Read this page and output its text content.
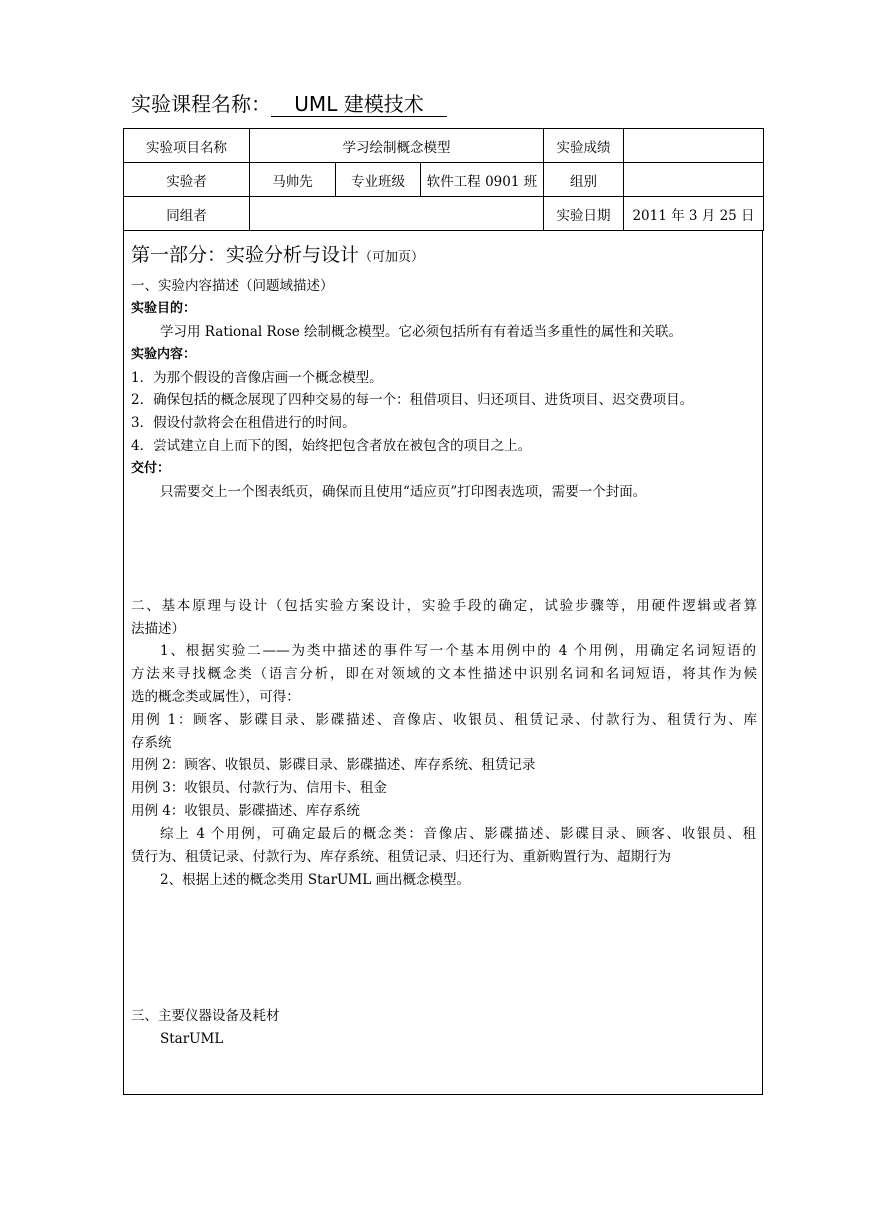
实验课程名称： UML 建模技术
实验项目名称	学习绘制概念模型			实验成绩	
实验者	马帅先	专业班级	软件工程 0901 班	组别	
同组者				实验日期	2011 年 3 月 25 日
第一部分：实验分析与设计（可加页）
一、实验内容描述（问题域描述）
实验目的：
学习用 Rational Rose 绘制概念模型。它必须包括所有有着适当多重性的属性和关联。
实验内容：
1．为那个假设的音像店画一个概念模型。
2．确保包括的概念展现了四种交易的每一个：租借项目、归还项目、进货项目、迟交费项目。
3．假设付款将会在租借进行的时间。
4．尝试建立自上而下的图，始终把包含者放在被包含的项目之上。
交付：
只需要交上一个图表纸页，确保而且使用“适应页”打印图表选项，需要一个封面。
二、基本原理与设计（包括实验方案设计，实验手段的确定，试验步骤等，用硬件逻辑或者算
法描述）
1、根据实验二——为类中描述的事件写一个基本用例中的 4 个用例，用确定名词短语的
方法来寻找概念类（语言分析，即在对领域的文本性描述中识别名词和名词短语，将其作为候
选的概念类或属性），可得：
用例 1：顾客、影碟目录、影碟描述、音像店、收银员、租赁记录、付款行为、租赁行为、库
存系统
用例 2：顾客、收银员、影碟目录、影碟描述、库存系统、租赁记录
用例 3：收银员、付款行为、信用卡、租金
用例 4：收银员、影碟描述、库存系统
综上 4 个用例，可确定最后的概念类：音像店、影碟描述、影碟目录、顾客、收银员、租
赁行为、租赁记录、付款行为、库存系统、租赁记录、归还行为、重新购置行为、超期行为
2、根据上述的概念类用 StarUML 画出概念模型。
三、主要仪器设备及耗材
StarUML
